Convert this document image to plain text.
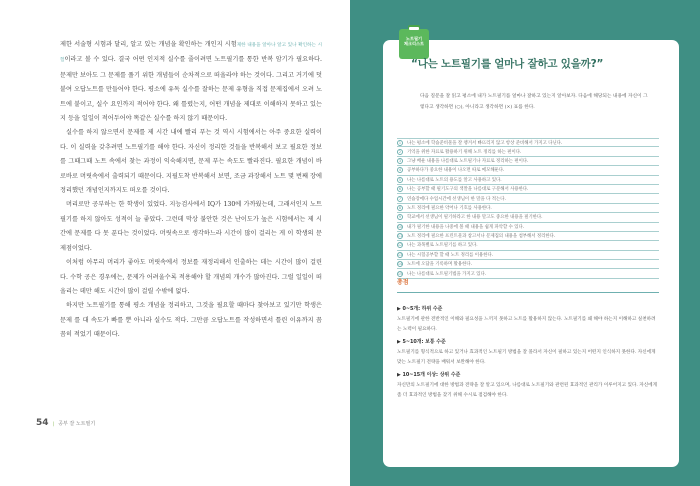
제한 서술형 시험과 달리, 알고 있는 개념을 확인하는 개인지 시험제한 내용을 알아나 알고 있나 확인하는 시험이라고 볼 수 있다. 결국 어떤 인지적 실수를 줄이려면 노트필기를 통한 반복 암기가 필요하다. 문제만 보아도 그 문제를 풀기 위한 개념들이 순차적으로 떠올라야 하는 것이다. 그리고 거기에 덧붙여 오답노트를 만들어야 한다. 평소에 유독 실수를 잘하는 문제 유형을 직접 문제집에서 오려 노트에 붙이고, 실수 요인까지 적어야 한다. 왜 틀렸는지, 어떤 개념을 제대로 이해하지 못하고 있는지 등을 일일이 적어두어야 똑같은 실수를 하지 않기 때문이다.

실수를 하지 않으면서 문제를 제 시간 내에 빨리 푸는 것 역시 시험에서는 아주 중요한 실력이다. 이 실력을 갖추려면 노트필기를 해야 한다. 자신이 정리한 것들을 반복해서 보고 필요한 정보를 그때그때 노트 속에서 찾는 과정이 익숙해지면, 문제 푸는 속도도 빨라진다. 필요한 개념이 바로바로 머릿속에서 출력되기 때문이다. 지필도착 반복해서 보면, 조금 과장해서 노트 몇 번째 장에 정리했던 개념인지까지도 떠오를 것이다.

머리로만 공부하는 한 학생이 있었다. 지능검사에서 IQ가 130에 가까웠는데, 그래서인지 노트필기를 하지 않아도 성적이 늘 좋았다. 그런데 막상 불안한 것은 난이도가 높은 시험에서는 제 시간에 문제를 다 못 푼다는 것이었다. 머릿속으로 생각하느라 시간이 많이 걸리는 게 이 학생의 문제점이었다.

이처럼 아무리 머리가 좋아도 머릿속에서 정보를 재정리해서 인출하는 데는 시간이 많이 걸린다. 수학 공은 경우에는, 문제가 어려울수록 적용해야 할 개념의 개수가 많아진다. 그럴 일일이 떠올리는 데만 해도 시간이 많이 걸릴 수밖에 없다.

하지만 노트필기를 통해 평소 개념을 정리하고, 그것을 필요할 때마다 찾아보고 있기만 학생은 문제 를 대 속도가 빠를 뿐 아니라 실수도 적다. 그만큼 오답노트를 작성하면서 틀린 이유까지 꼼꼼히 적었기 때문이다.

54 | 공부 잘 노트필기
노트필기
체크리스트
“나는 노트필기를 얼마나 잘하고 있을까?”
다음 질문을 잘 읽고 평소에 내가 노트필기를 얼마나 잘하고 있는지 알아보자. 다음에 해당되는 내용에 자신이 그렇다고 생각하면 (○), 아니라고 생각하면 (×) 표를 한다.
1	나는 평소에 학습준비물을 잘 챙겨서 빠뜨리지 않고 항상 준비해서 가지고 다닌다.
2	기억을 위한 자료로 활용하기 위해 노트 정리를 하는 편이다.
3	그냥 배운 내용을 나름대로 노트필기나 자료로 정리하는 편이다.
4	공부하다가 중요한 내용이 나오면 따로 메모해둔다.
5	나는 나름대로 노트의 용도를 알고 사용하고 있다.
6	나는 공부할 때 필기도구의 색깔을 나름대로 구분해서 사용한다.
7	연습장에다 수업시간에 선생님이 한 말을 다 적는다.
8	노트 정리에 필요한 약어나 기호를 사용한다.
9	학교에서 선생님이 필기하라고 한 내용 말고도 중요한 내용을 필기한다.
10 내가 필기한 내용을 나중에 볼 때 내용을 쉽게 파악할 수 있다.
11 노트 정리에 필요한 프린트물과 참고서나 문제집의 내용을 첨부해서 정리한다.
12 나는 과목별로 노트필기를 하고 있다.
13 나는 시험공부할 할 때 노트 정리를 이용한다.
14 노트에 오답을 기록하며 활용한다.
15 나는 나름대로 노트필기법을 가지고 있다.
총점
▶ 0~5개: 하위 수준
노트필기에 관한 전반적인 이해와 필요성을 느끼지 못하고 노트를 활용하지 않는다. 노트필기를 왜 해야 하는지 이해하고 실천하려는 노력이 필요하다.
▶ 5~10개: 보통 수준
노트필기를 형식적으로 하고 있거나 효과적인 노트필기 방법을 잘 몰라서 자신이 필하고 있는지 어떤지 인식하지 못한다. 자신에게 맞는 노트필기 전략을 배워서 보완해야 한다.
▶ 10~15개 이상: 상위 수준
자신만의 노트필기에 대한 방법과 전략을 잘 알고 있으며, 나름대로 노트필기와 관련된 효과적인 관리가 이루어지고 있다. 자신에게 좀 더 효과적인 방법을 찾기 위해 수시로 점검해야 한다.
